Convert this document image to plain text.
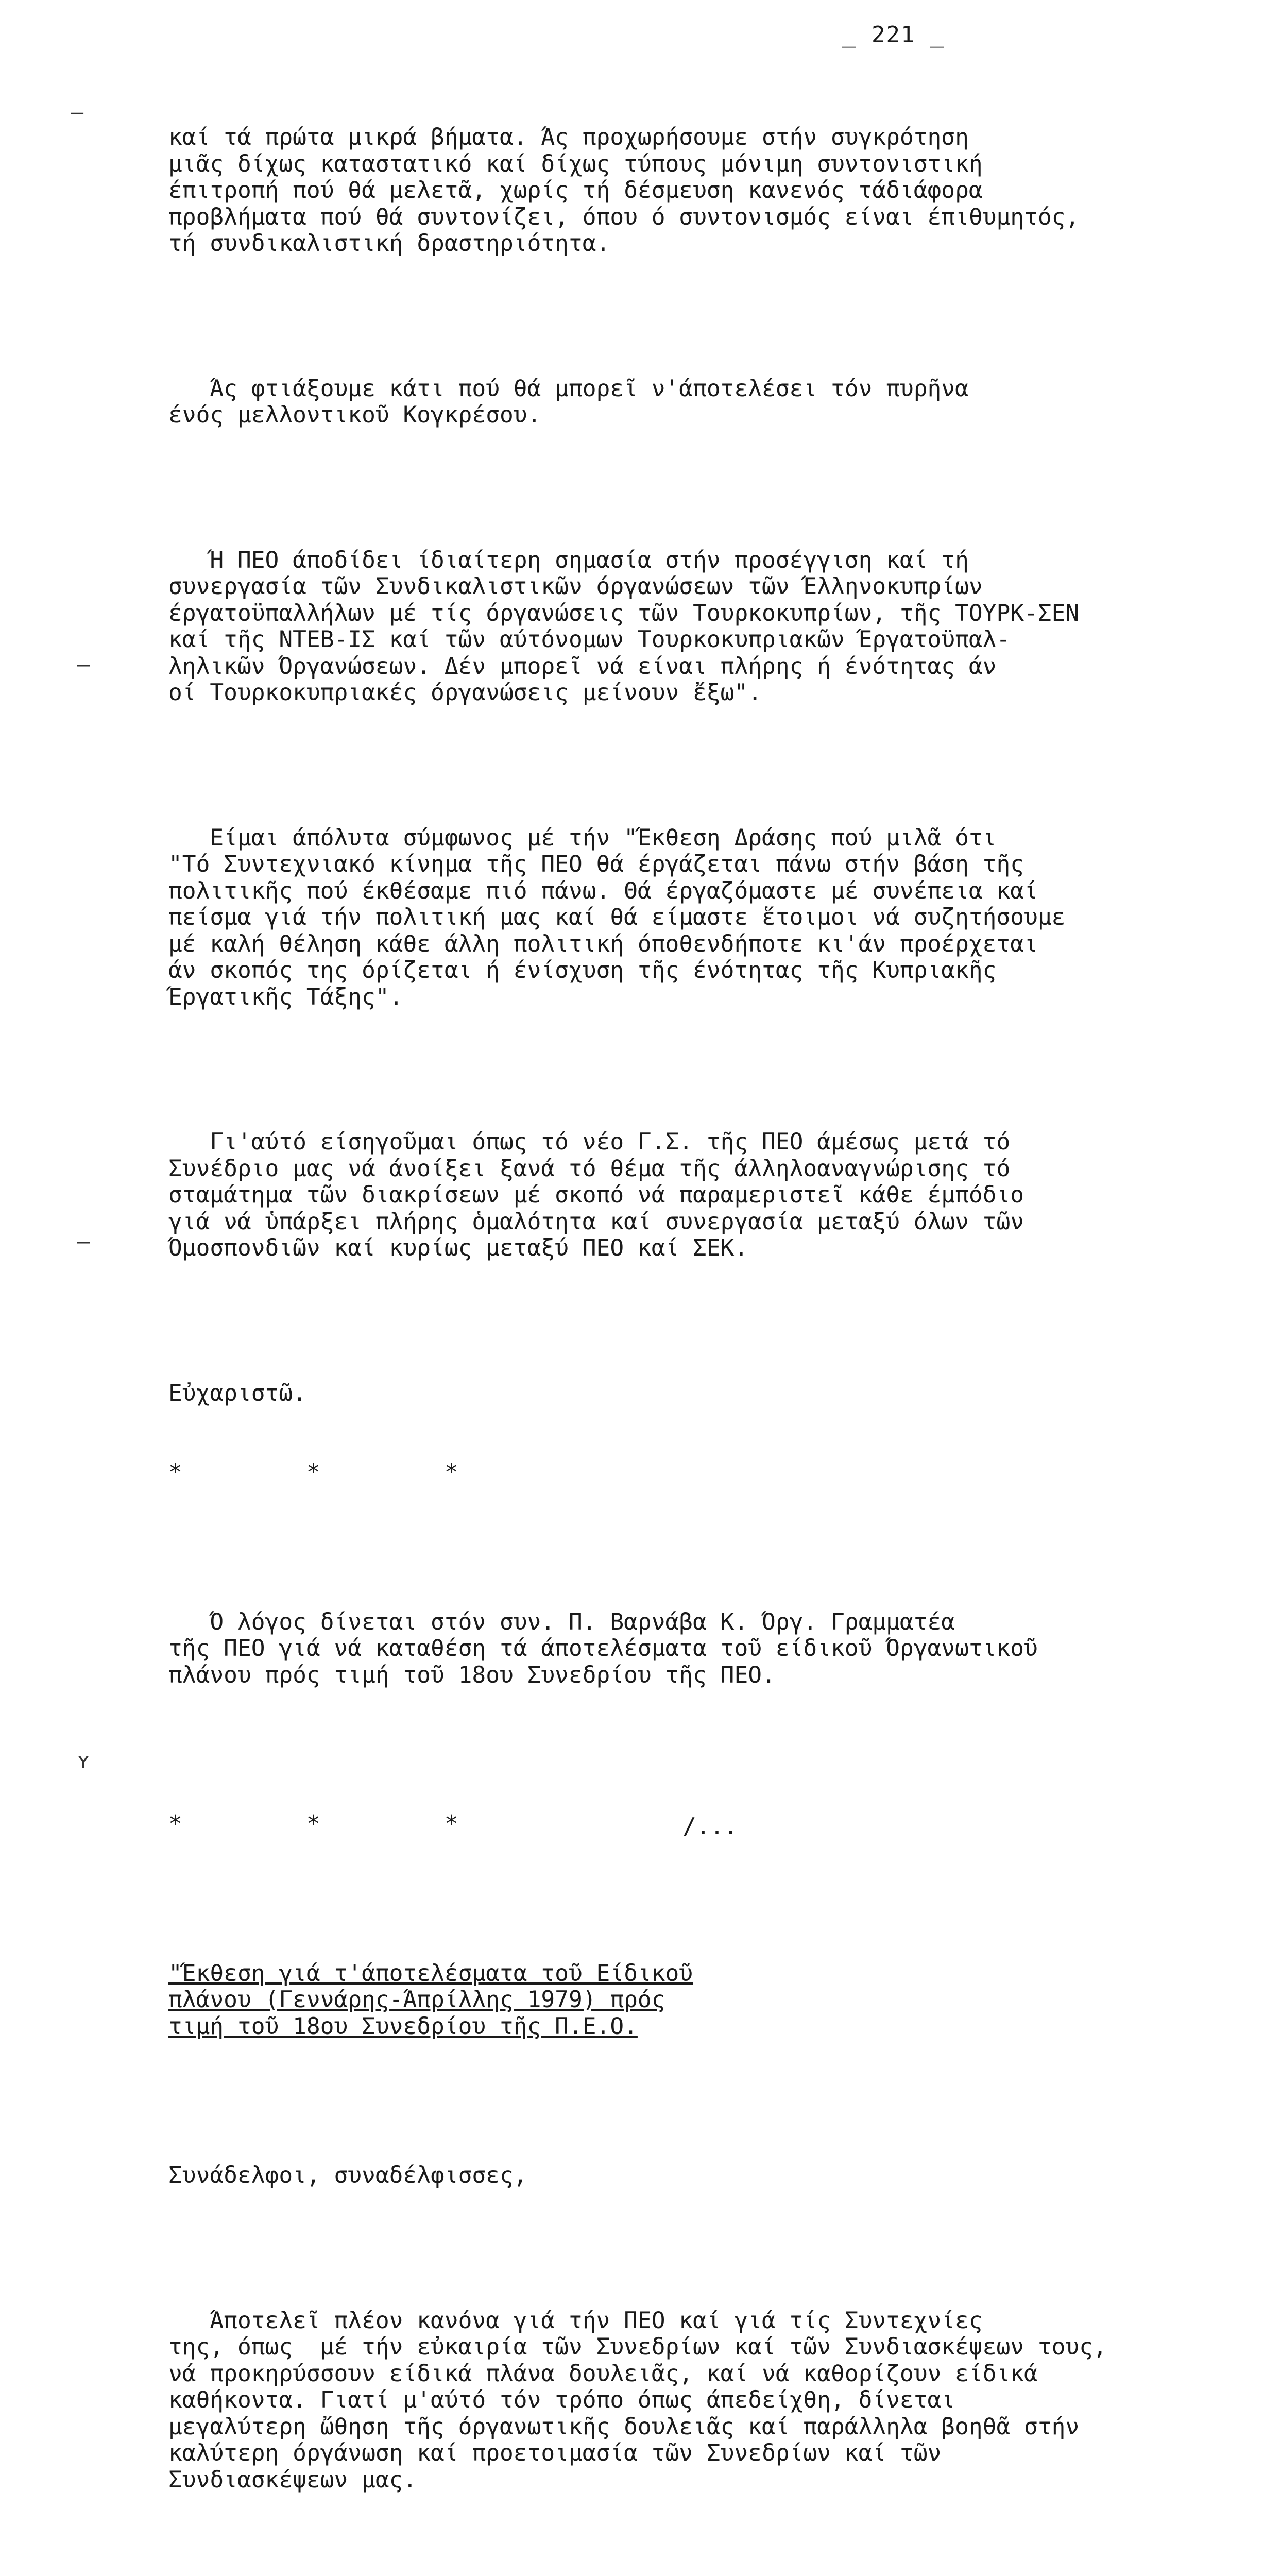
_ 221 _

καί τά πρώτα μικρά βήματα. Άς προχωρήσουμε στήν συγκρότηση

μιᾶς δίχως καταστατικό καί δίχως τύπους μόνιμη συντονιστική

έπιτροπή πού θά μελετᾶ, χωρίς τή δέσμευση κανενός τάδιάφορα

προβλήματα πού θά συντονίζει, όπου ό συντονισμός είναι έπιθυμητός,

τή συνδικαλιστική δραστηριότητα.

Άς φτιάξουμε κάτι πού θά μπορεῖ ν'άποτελέσει τόν πυρῆνα

ένός μελλοντικοῦ Κογκρέσου.

Ή ΠΕΟ άποδίδει ίδιαίτερη σημασία στήν προσέγγιση καί τή

συνεργασία τῶν Συνδικαλιστικῶν όργανώσεων τῶν Έλληνοκυπρίων

έργατοϋπαλλήλων μέ τίς όργανώσεις τῶν Τουρκοκυπρίων, τῆς ΤΟΥΡΚ-ΣΕΝ

καί τῆς ΝΤΕΒ-ΙΣ καί τῶν αύτόνομων Τουρκοκυπριακῶν Έργατοϋπαλ-

ληλικῶν Όργανώσεων. Δέν μπορεῖ νά είναι πλήρης ή ένότητας άν

οί Τουρκοκυπριακές όργανώσεις μείνουν ἔξω".

Είμαι άπόλυτα σύμφωνος μέ τήν "Έκθεση Δράσης πού μιλᾶ ότι

"Τό Συντεχνιακό κίνημα τῆς ΠΕΟ θά έργάζεται πάνω στήν βάση τῆς

πολιτικῆς πού έκθέσαμε πιό πάνω. Θά έργαζόμαστε μέ συνέπεια καί

πείσμα γιά τήν πολιτική μας καί θά είμαστε ἕτοιμοι νά συζητήσουμε

μέ καλή θέληση κάθε άλλη πολιτική όποθενδήποτε κι'άν προέρχεται

άν σκοπός της όρίζεται ή ένίσχυση τῆς ένότητας τῆς Κυπριακῆς

Έργατικῆς Τάξης".

Γι'αύτό είσηγοῦμαι όπως τό νέο Γ.Σ. τῆς ΠΕΟ άμέσως μετά τό

Συνέδριο μας νά άνοίξει ξανά τό θέμα τῆς άλληλοαναγνώρισης τό

σταμάτημα τῶν διακρίσεων μέ σκοπό νά παραμεριστεῖ κάθε έμπόδιο

γιά νά ὑπάρξει πλήρης ὁμαλότητα καί συνεργασία μεταξύ όλων τῶν

Όμοσπονδιῶν καί κυρίως μεταξύ ΠΕΟ καί ΣΕΚ.

Εὐχαριστῶ.

*         *         *

Ό λόγος δίνεται στόν συν. Π. Βαρνάβα Κ. Όργ. Γραμματέα

τῆς ΠΕΟ γιά νά καταθέση τά άποτελέσματα τοῦ είδικοῦ Όργανωτικοῦ

πλάνου πρός τιμή τοῦ 18ου Συνεδρίου τῆς ΠΕΟ.

*         *         *

"Έκθεση γιά τ'άποτελέσματα τοῦ Είδικοῦ

πλάνου (Γεννάρης-Άπρίλλης 1979) πρός

τιμή τοῦ 18ου Συνεδρίου τῆς Π.Ε.Ο.

Συνάδελφοι, συναδέλφισσες,

Άποτελεῖ πλέον κανόνα γιά τήν ΠΕΟ καί γιά τίς Συντεχνίες

της, όπως  μέ τήν εὐκαιρία τῶν Συνεδρίων καί τῶν Συνδιασκέψεων τους,

νά προκηρύσσουν είδικά πλάνα δουλειᾶς, καί νά καθορίζουν είδικά

καθήκοντα. Γιατί μ'αύτό τόν τρόπο όπως άπεδείχθη, δίνεται

μεγαλύτερη ὤθηση τῆς όργανωτικῆς δουλειᾶς καί παράλληλα βοηθᾶ στήν

καλύτερη όργάνωση καί προετοιμασία τῶν Συνεδρίων καί τῶν

Συνδιασκέψεων μας.

/...
–
–
–
ʏ
